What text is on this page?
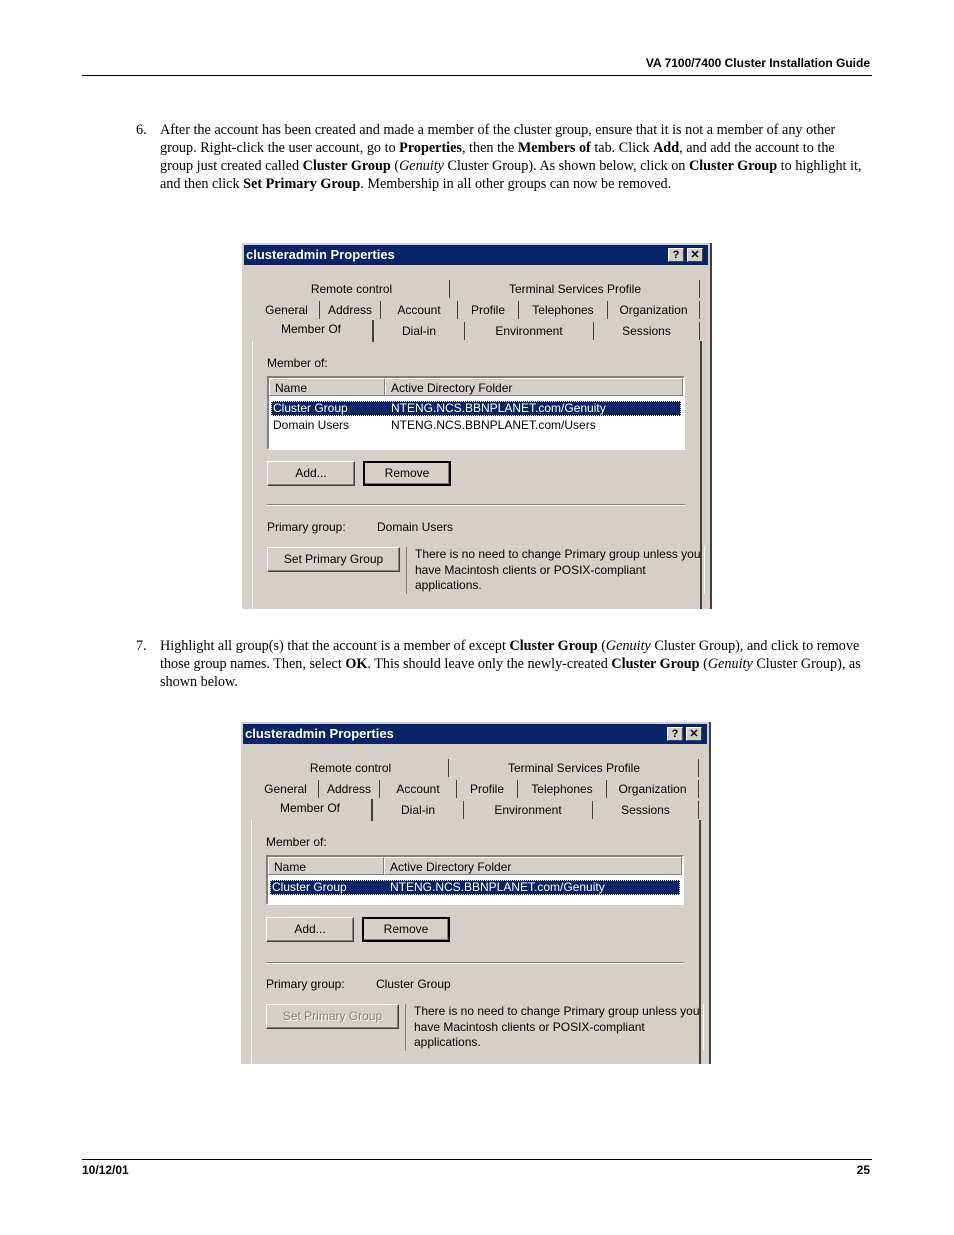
VA 7100/7400 Cluster Installation Guide
6. After the account has been created and made a member of the cluster group, ensure that it is not a member of any other group. Right-click the user account, go to Properties, then the Members of tab. Click Add, and add the account to the group just created called Cluster Group (Genuity Cluster Group). As shown below, click on Cluster Group to highlight it, and then click Set Primary Group. Membership in all other groups can now be removed.
clusteradmin Properties	?	✕
Remote control	Terminal Services Profile
General	Address	Account	Profile	Telephones	Organization
Member Of	Dial-in	Environment	Sessions
Member of:
Name	Active Directory Folder
Cluster Group	NTENG.NCS.BBNPLANET.com/Genuity
Domain Users	NTENG.NCS.BBNPLANET.com/Users
Add...	Remove
Primary group:	Domain Users
Set Primary Group	There is no need to change Primary group unless you have Macintosh clients or POSIX-compliant applications.
7. Highlight all group(s) that the account is a member of except Cluster Group (Genuity Cluster Group), and click to remove those group names. Then, select OK. This should leave only the newly-created Cluster Group (Genuity Cluster Group), as shown below.
clusteradmin Properties	?	✕
Remote control	Terminal Services Profile
General	Address	Account	Profile	Telephones	Organization
Member Of	Dial-in	Environment	Sessions
Member of:
Name	Active Directory Folder
Cluster Group	NTENG.NCS.BBNPLANET.com/Genuity
Add...	Remove
Primary group:	Cluster Group
Set Primary Group	There is no need to change Primary group unless you have Macintosh clients or POSIX-compliant applications.
10/12/01	25
